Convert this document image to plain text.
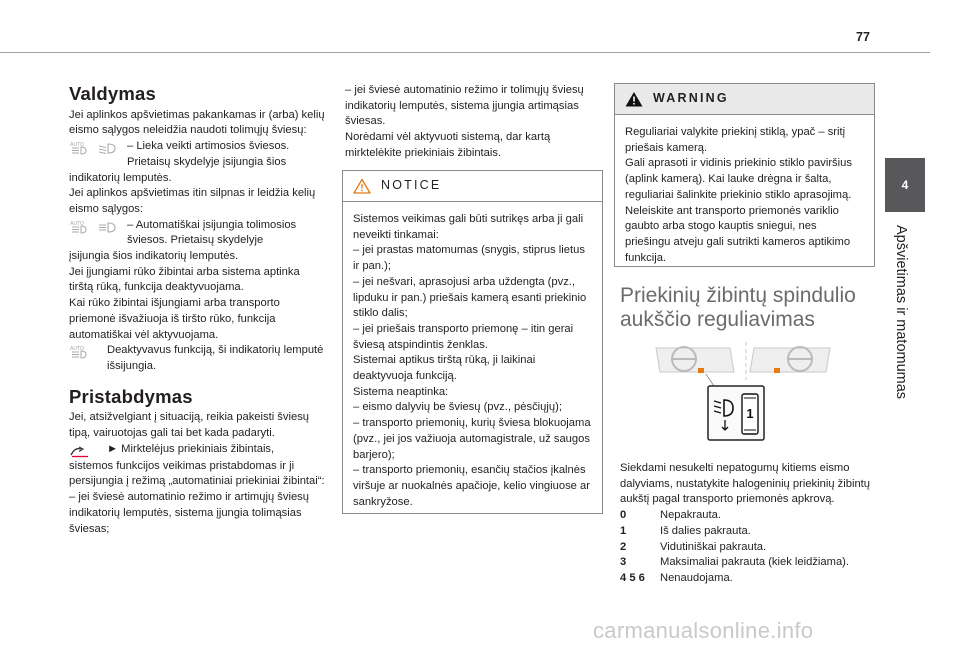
77
4
Apšvietimas ir matomumas
Valdymas

Jei aplinkos apšvietimas pakankamas ir (arba) kelių eismo sąlygos neleidžia naudoti tolimųjų šviesų:

AUTO	– Lieka veikti artimosios šviesos. Prietaisų skydelyje įsijungia šios

indikatorių lemputės.

Jei aplinkos apšvietimas itin silpnas ir leidžia kelių eismo sąlygos:

AUTO	– Automatiškai įsijungia tolimosios šviesos. Prietaisų skydelyje

įsijungia šios indikatorių lemputės.

Jei įjungiami rūko žibintai arba sistema aptinka tirštą rūką, funkcija deaktyvuojama.

Kai rūko žibintai išjungiami arba transporto priemonė išvažiuoja iš tiršto rūko, funkcija automatiškai vėl aktyvuojama.

AUTO Deaktyvavus funkciją, ši indikatorių lemputė išsijungia.
Pristabdymas

Jei, atsižvelgiant į situaciją, reikia pakeisti šviesų tipą, vairuotojas gali tai bet kada padaryti.

► Mirktelėjus priekiniais žibintais,

sistemos funkcijos veikimas pristabdomas ir ji persijungia į režimą „automatiniai priekiniai žibintai“:

– jei šviesė automatinio režimo ir artimųjų šviesų indikatorių lemputės, sistema įjungia tolimąsias šviesas;

– jei šviesė automatinio režimo ir tolimųjų šviesų indikatorių lemputės, sistema įjungia artimąsias šviesas.

Norėdami vėl aktyvuoti sistemą, dar kartą mirktelėkite priekiniais žibintais.

NOTICE

Sistemos veikimas gali būti sutrikęs arba ji gali neveikti tinkamai:

– jei prastas matomumas (snygis, stiprus lietus ir pan.);

– jei nešvari, aprasojusi arba uždengta (pvz., lipduku ir pan.) priešais kamerą esanti priekinio stiklo dalis;

– jei priešais transporto priemonę – itin gerai šviesą atspindintis ženklas.

Sistemai aptikus tirštą rūką, ji laikinai deaktyvuoja funkciją.

Sistema neaptinka:

– eismo dalyvių be šviesų (pvz., pėsčiųjų);

– transporto priemonių, kurių šviesa blokuojama (pvz., jei jos važiuoja automagistrale, už saugos barjero);

– transporto priemonių, esančių stačios įkalnės viršuje ar nuokalnės apačioje, kelio vingiuose ar sankryžose.

WARNING

Reguliariai valykite priekinį stiklą, ypač – sritį priešais kamerą.

Gali aprasoti ir vidinis priekinio stiklo paviršius (aplink kamerą). Kai lauke drėgna ir šalta, reguliariai šalinkite priekinio stiklo aprasojimą.

Neleiskite ant transporto priemonės variklio gaubto arba stogo kauptis sniegui, nes priešingu atveju gali sutrikti kameros aptikimo funkcija.

Priekinių žibintų spindulio aukščio reguliavimas
1

Siekdami nesukelti nepatogumų kitiems eismo dalyviams, nustatykite halogeninių priekinių žibintų aukštį pagal transporto priemonės apkrovą.

0	Nepakrauta.
1	Iš dalies pakrauta.
2	Vidutiniškai pakrauta.
3	Maksimaliai pakrauta (kiek leidžiama).
4 5 6	Nenaudojama.
carmanualsonline.info
